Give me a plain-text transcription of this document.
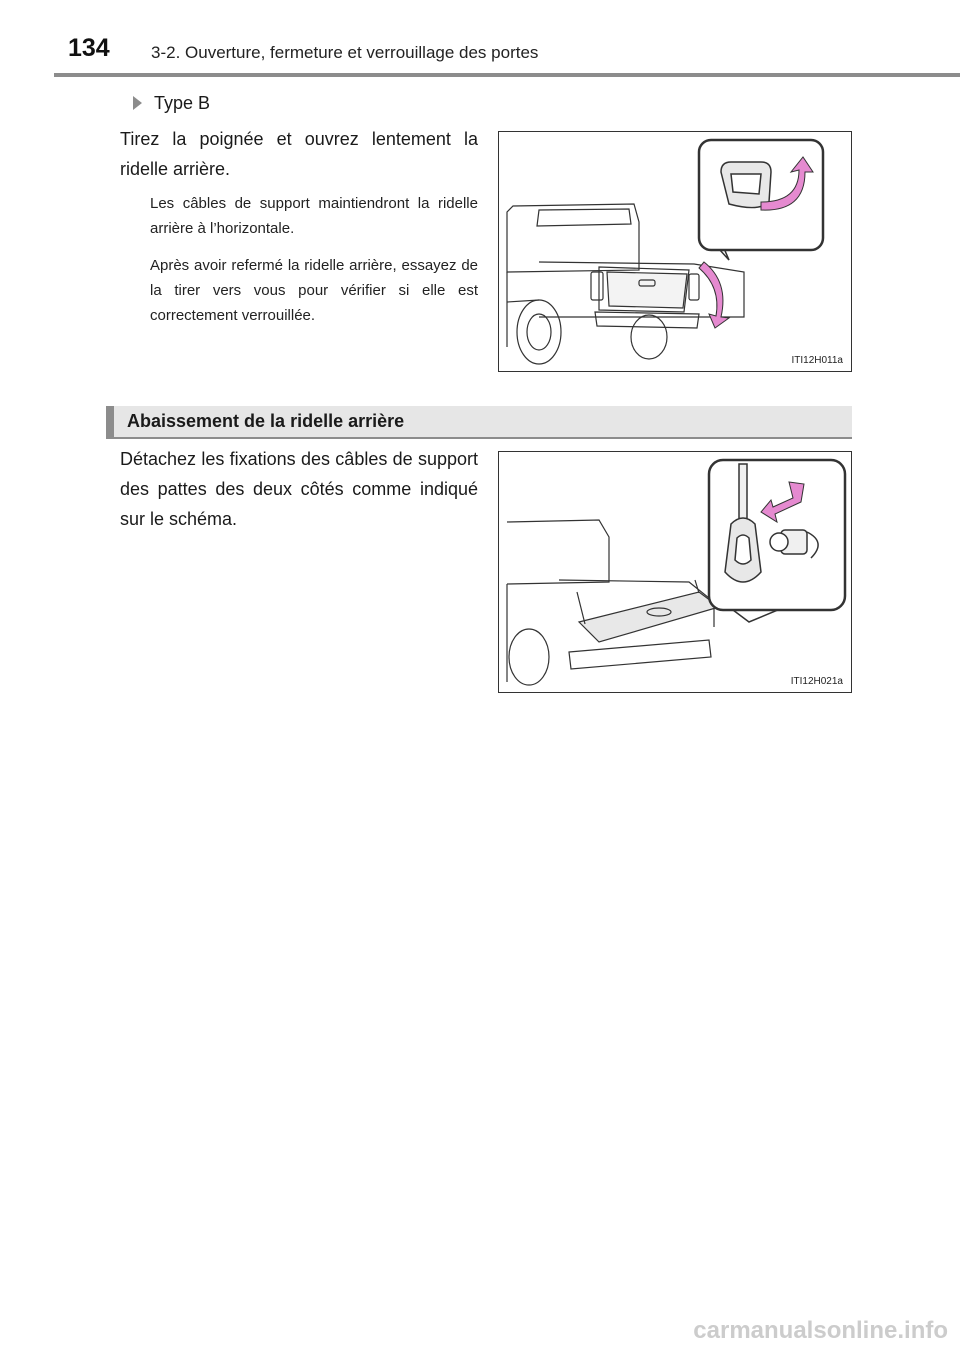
134 3-2. Ouverture, fermeture et verrouillage des portes
Type B
Tirez la poignée et ouvrez lentement la ridelle arrière.
Les câbles de support maintiendront la ridelle arrière à l’horizontale.
Après avoir refermé la ridelle arrière, essayez de la tirer vers vous pour vérifier si elle est correctement verrouillée.
ITI12H011a
Abaissement de la ridelle arrière
Détachez les fixations des câbles de support des pattes des deux côtés comme indiqué sur le schéma.
ITI12H021a
carmanualsonline.info
